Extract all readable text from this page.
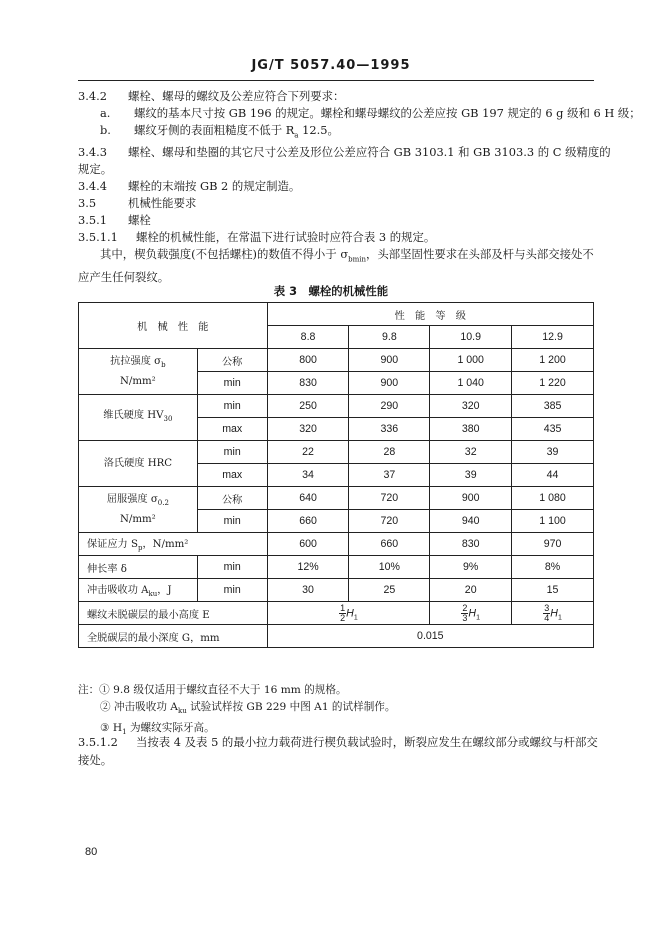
JG/T 5057.40—1995
3.4.2 螺栓、螺母的螺纹及公差应符合下列要求：
a. 螺纹的基本尺寸按 GB 196 的规定。螺栓和螺母螺纹的公差应按 GB 197 规定的 6 g 级和 6 H 级；
b. 螺纹牙侧的表面粗糙度不低于 $R_a$ 12.5。
3.4.3 螺栓、螺母和垫圈的其它尺寸公差及形位公差应符合 GB 3103.1 和 GB 3103.3 的 C 级精度的
规定。
3.4.4 螺栓的末端按 GB 2 的规定制造。
3.5	机械性能要求
3.5.1 螺栓
3.5.1.1 螺栓的机械性能，在常温下进行试验时应符合表 3 的规定。
其中，楔负载强度(不包括螺柱)的数值不得小于 $\sigma_{bmin}$，头部坚固性要求在头部及杆与头部交接处不
应产生任何裂纹。
表 3　螺栓的机械性能
机　械　性　能		性　能　等　级			
		8.8	9.8	10.9	12.9

抗拉强度 $\sigma_b$
N/mm²	公称	800	900	1 000	1 200
	min	830	900	1 040	1 220
维氏硬度 $HV_{30}$	min	250	290	320	385
	max	320	336	380	435
洛氏硬度 HRC	min	22	28	32	39
	max	34	37	39	44

屈服强度 $\sigma_{0.2}$
N/mm²	公称	640	720	900	1 080
	min	660	720	940	1 100
保证应力 $S_p$，N/mm²		600	660	830	970
伸长率 δ	min	12%	10%	9%	8%
冲击吸收功 $A_{ku}$，J	min	30	25	20	15
螺纹未脱碳层的最小高度 E		$\frac{1}{2} H_1$		$\frac{2}{3} H_1$	$\frac{3}{4} H_1$
全脱碳层的最小深度 G，mm		0.015			
注：① 9.8 级仅适用于螺纹直径不大于 16 mm 的规格。
② 冲击吸收功 $A_{ku}$ 试验试样按 GB 229 中图 A1 的试样制作。
③ $H_1$ 为螺纹实际牙高。
3.5.1.2 当按表 4 及表 5 的最小拉力载荷进行楔负载试验时，断裂应发生在螺纹部分或螺纹与杆部交
接处。
80
